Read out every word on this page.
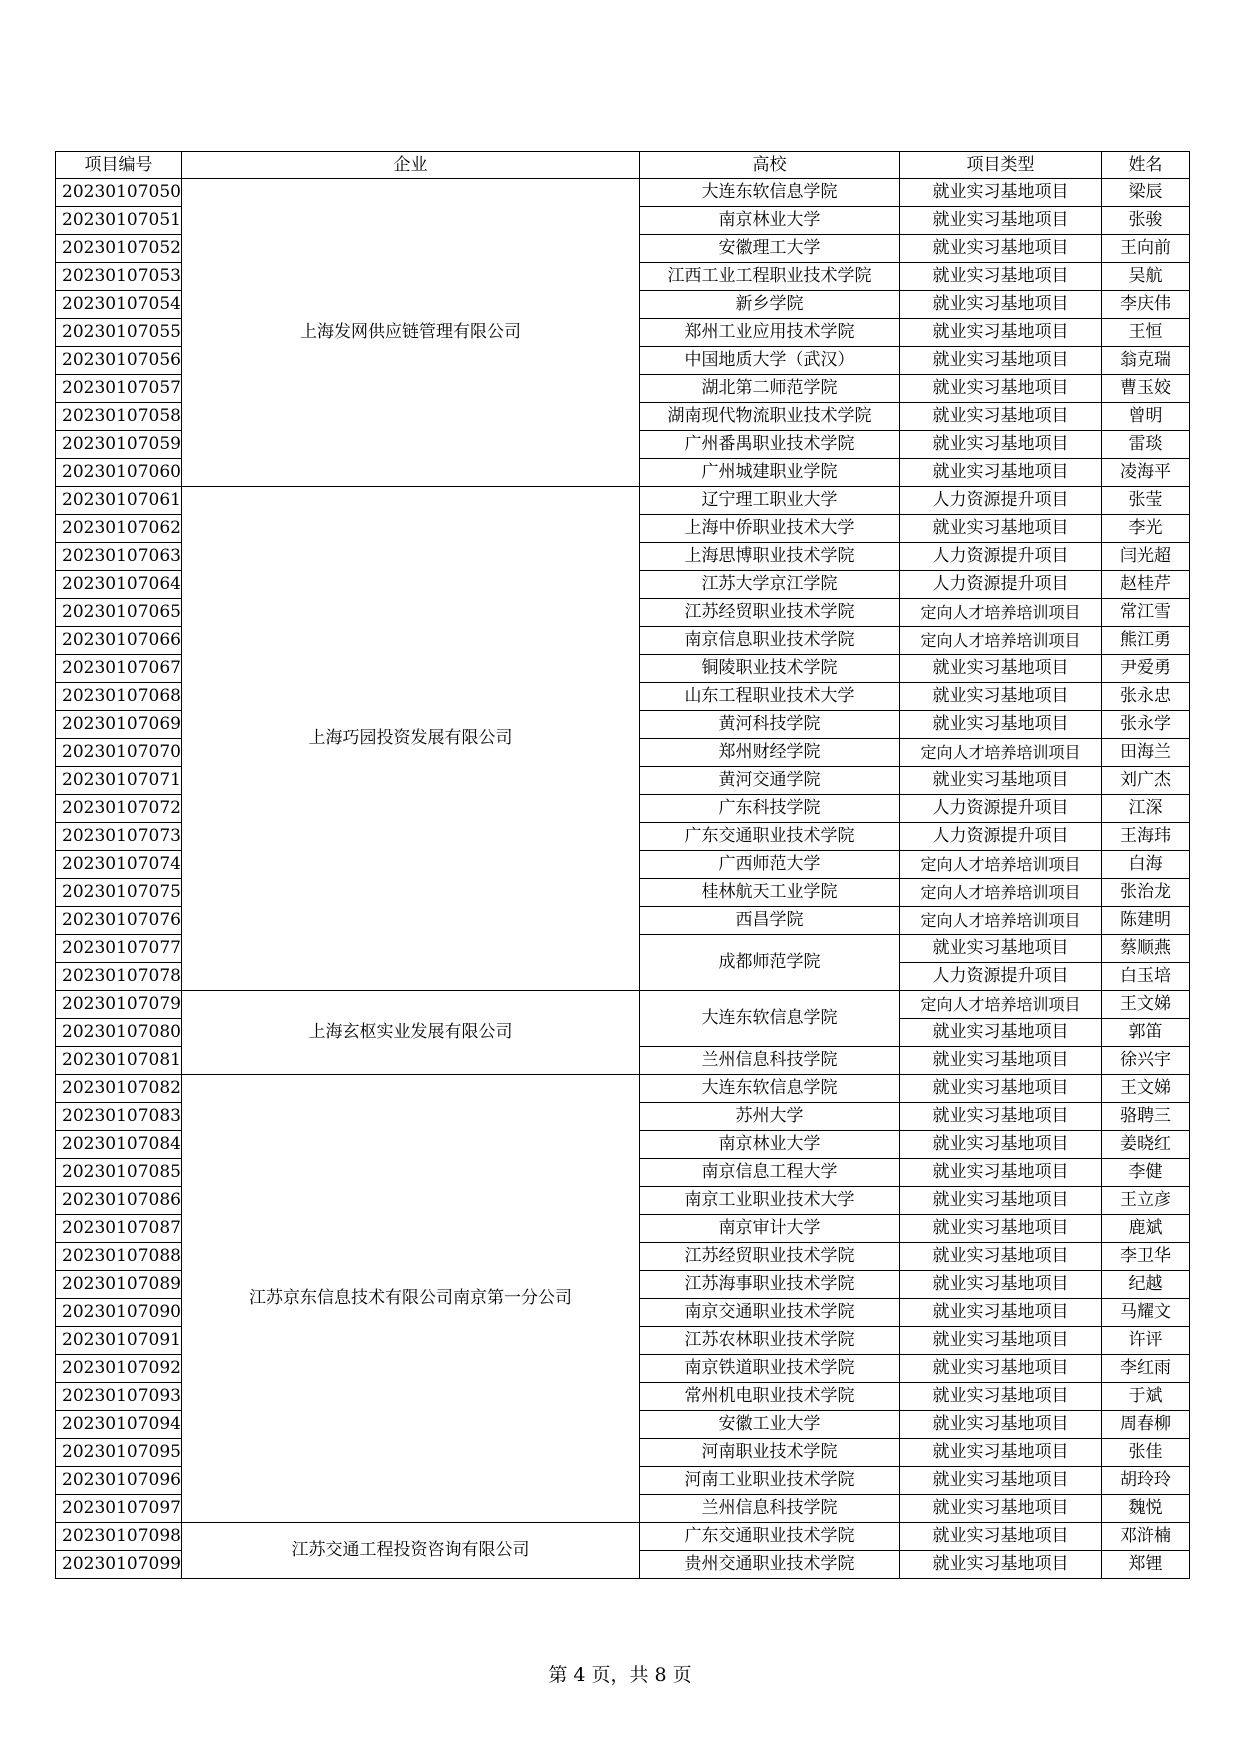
项目编号	企业	高校	项目类型	姓名
20230107050	上海发网供应链管理有限公司	大连东软信息学院	就业实习基地项目	梁辰
20230107051		南京林业大学	就业实习基地项目	张骏
20230107052		安徽理工大学	就业实习基地项目	王向前
20230107053		江西工业工程职业技术学院	就业实习基地项目	吴航
20230107054		新乡学院	就业实习基地项目	李庆伟
20230107055		郑州工业应用技术学院	就业实习基地项目	王恒
20230107056		中国地质大学（武汉）	就业实习基地项目	翁克瑞
20230107057		湖北第二师范学院	就业实习基地项目	曹玉姣
20230107058		湖南现代物流职业技术学院	就业实习基地项目	曾明
20230107059		广州番禺职业技术学院	就业实习基地项目	雷琰
20230107060		广州城建职业学院	就业实习基地项目	凌海平
20230107061	上海巧园投资发展有限公司	辽宁理工职业大学	人力资源提升项目	张莹
20230107062		上海中侨职业技术大学	就业实习基地项目	李光
20230107063		上海思博职业技术学院	人力资源提升项目	闫光超
20230107064		江苏大学京江学院	人力资源提升项目	赵桂芹
20230107065		江苏经贸职业技术学院	定向人才培养培训项目	常江雪
20230107066		南京信息职业技术学院	定向人才培养培训项目	熊江勇
20230107067		铜陵职业技术学院	就业实习基地项目	尹爱勇
20230107068		山东工程职业技术大学	就业实习基地项目	张永忠
20230107069		黄河科技学院	就业实习基地项目	张永学
20230107070		郑州财经学院	定向人才培养培训项目	田海兰
20230107071		黄河交通学院	就业实习基地项目	刘广杰
20230107072		广东科技学院	人力资源提升项目	江深
20230107073		广东交通职业技术学院	人力资源提升项目	王海玮
20230107074		广西师范大学	定向人才培养培训项目	白海
20230107075		桂林航天工业学院	定向人才培养培训项目	张治龙
20230107076		西昌学院	定向人才培养培训项目	陈建明
20230107077		成都师范学院	就业实习基地项目	蔡顺燕
20230107078			人力资源提升项目	白玉培
20230107079	上海玄枢实业发展有限公司	大连东软信息学院	定向人才培养培训项目	王文娣
20230107080			就业实习基地项目	郭笛
20230107081		兰州信息科技学院	就业实习基地项目	徐兴宇
20230107082	江苏京东信息技术有限公司南京第一分公司	大连东软信息学院	就业实习基地项目	王文娣
20230107083		苏州大学	就业实习基地项目	骆聘三
20230107084		南京林业大学	就业实习基地项目	姜晓红
20230107085		南京信息工程大学	就业实习基地项目	李健
20230107086		南京工业职业技术大学	就业实习基地项目	王立彦
20230107087		南京审计大学	就业实习基地项目	鹿斌
20230107088		江苏经贸职业技术学院	就业实习基地项目	李卫华
20230107089		江苏海事职业技术学院	就业实习基地项目	纪越
20230107090		南京交通职业技术学院	就业实习基地项目	马耀文
20230107091		江苏农林职业技术学院	就业实习基地项目	许评
20230107092		南京铁道职业技术学院	就业实习基地项目	李红雨
20230107093		常州机电职业技术学院	就业实习基地项目	于斌
20230107094		安徽工业大学	就业实习基地项目	周春柳
20230107095		河南职业技术学院	就业实习基地项目	张佳
20230107096		河南工业职业技术学院	就业实习基地项目	胡玲玲
20230107097		兰州信息科技学院	就业实习基地项目	魏悦
20230107098	江苏交通工程投资咨询有限公司	广东交通职业技术学院	就业实习基地项目	邓浒楠
20230107099		贵州交通职业技术学院	就业实习基地项目	郑锂
第 4 页，共 8 页
